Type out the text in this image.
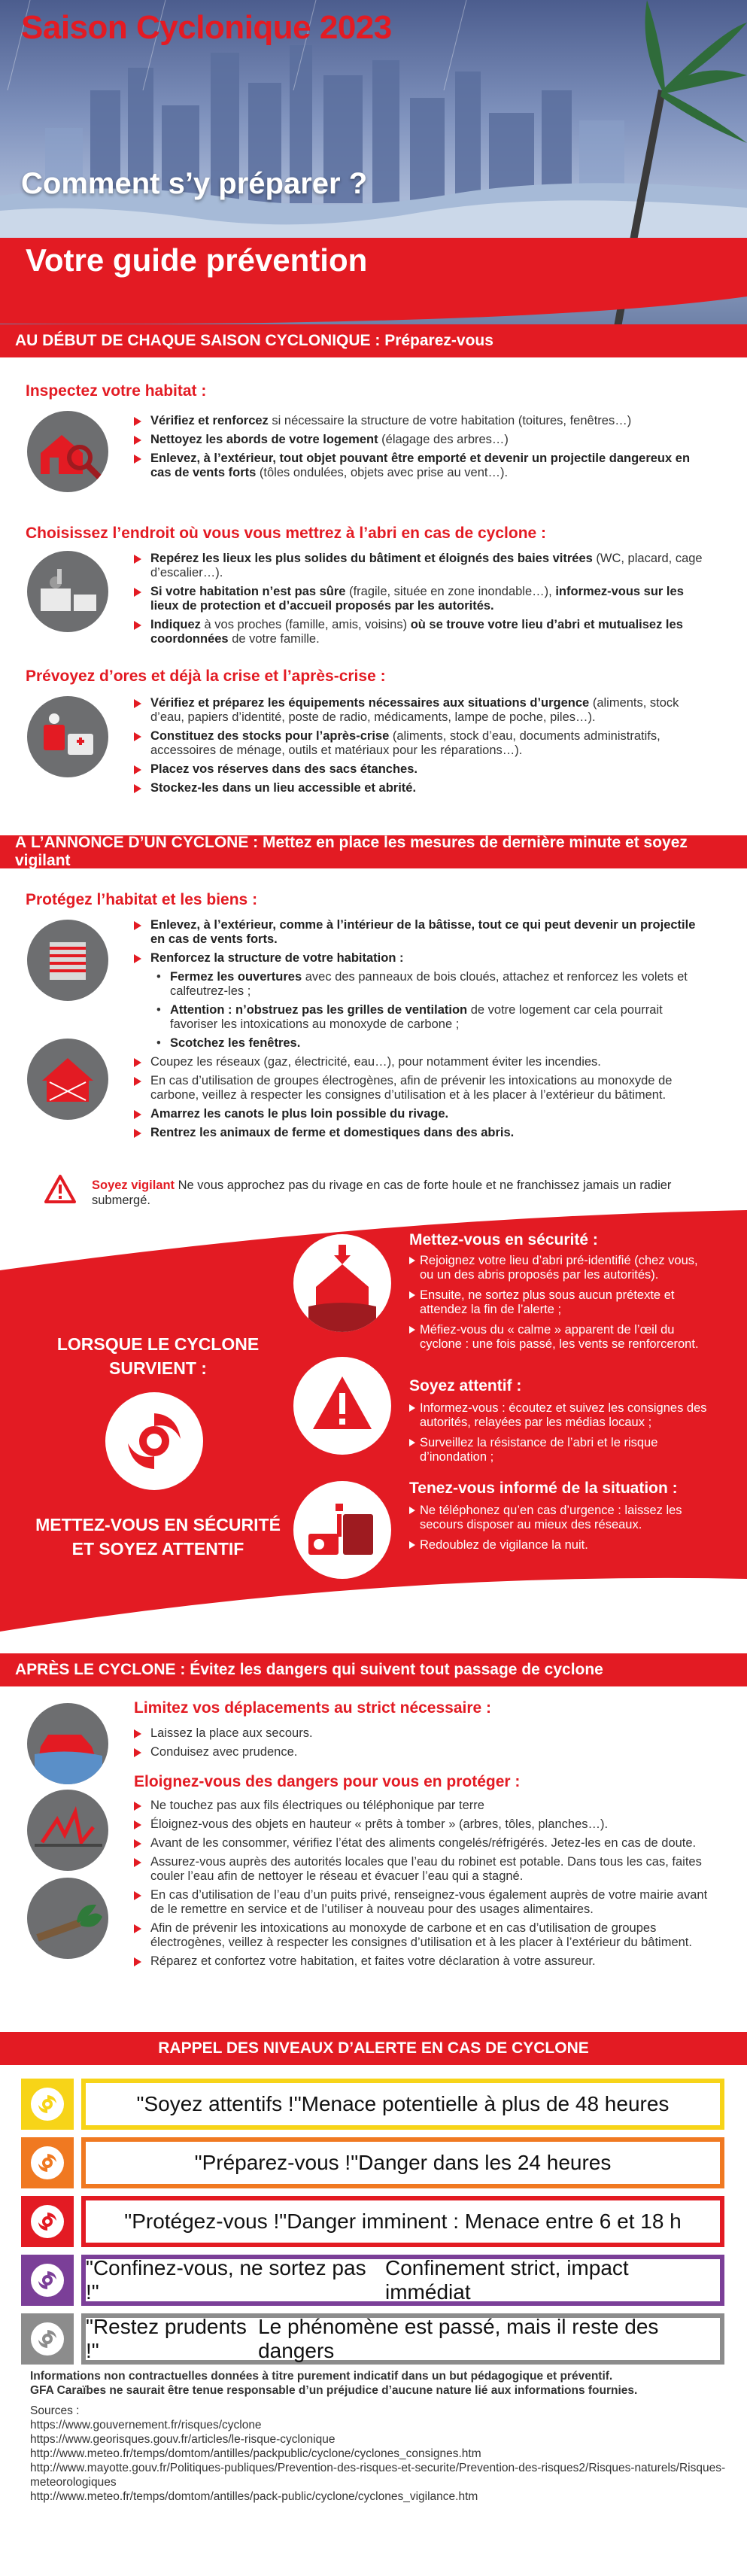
Saison Cyclonique 2023
Comment s’y préparer ?
Votre guide prévention
AU DÉBUT DE CHAQUE SAISON CYCLONIQUE : Préparez-vous
Inspectez votre habitat :
Vérifiez et renforcez si nécessaire la structure de votre habitation (toitures, fenêtres…)
Nettoyez les abords de votre logement (élagage des arbres…)
Enlevez, à l’extérieur, tout objet pouvant être emporté et devenir un projectile dangereux en cas de vents forts (tôles ondulées, objets avec prise au vent…).
Choisissez l’endroit où vous vous mettrez à l’abri en cas de cyclone :
Repérez les lieux les plus solides du bâtiment et éloignés des baies vitrées (WC, placard, cage d’escalier…).
Si votre habitation n’est pas sûre (fragile, située en zone inondable…), informez-vous sur les lieux de protection et d’accueil proposés par les autorités.
Indiquez à vos proches (famille, amis, voisins) où se trouve votre lieu d’abri et mutualisez les coordonnées de votre famille.
Prévoyez d’ores et déjà la crise et l’après-crise :
Vérifiez et préparez les équipements nécessaires aux situations d’urgence (aliments, stock d’eau, papiers d’identité, poste de radio, médicaments, lampe de poche, piles…).
Constituez des stocks pour l’après-crise (aliments, stock d’eau, documents administratifs, accessoires de ménage, outils et matériaux pour les réparations…).
Placez vos réserves dans des sacs étanches.
Stockez-les dans un lieu accessible et abrité.
À L’ANNONCE D’UN CYCLONE : Mettez en place les mesures de dernière minute et soyez vigilant
Protégez l’habitat et les biens :
Enlevez, à l’extérieur, comme à l’intérieur de la bâtisse, tout ce qui peut devenir un projectile en cas de vents forts.
Renforcez la structure de votre habitation :
• Fermez les ouvertures avec des panneaux de bois cloués, attachez et renforcez les volets et calfeutrez-les ;
• Attention : n’obstruez pas les grilles de ventilation de votre logement car cela pourrait favoriser les intoxications au monoxyde de carbone ;
• Scotchez les fenêtres.
Coupez les réseaux (gaz, électricité, eau…), pour notamment éviter les incendies.
En cas d’utilisation de groupes électrogènes, afin de prévenir les intoxications au monoxyde de carbone, veillez à respecter les consignes d’utilisation et à les placer à l’extérieur du bâtiment.
Amarrez les canots le plus loin possible du rivage.
Rentrez les animaux de ferme et domestiques dans des abris.
Soyez vigilant Ne vous approchez pas du rivage en cas de forte houle et ne franchissez jamais un radier submergé.
LORSQUE LE CYCLONE SURVIENT :
METTEZ-VOUS EN SÉCURITÉ ET SOYEZ ATTENTIF
Mettez-vous en sécurité :
Rejoignez votre lieu d’abri pré-identifié (chez vous, ou un des abris proposés par les autorités).
Ensuite, ne sortez plus sous aucun prétexte et attendez la fin de l’alerte ;
Méfiez-vous du « calme » apparent de l’œil du cyclone : une fois passé, les vents se renforceront.
Soyez attentif :
Informez-vous : écoutez et suivez les consignes des autorités, relayées par les médias locaux ;
Surveillez la résistance de l’abri et le risque d’inondation ;
Tenez-vous informé de la situation :
Ne téléphonez qu’en cas d’urgence : laissez les secours disposer au mieux des réseaux.
Redoublez de vigilance la nuit.
APRÈS LE CYCLONE : Évitez les dangers qui suivent tout passage de cyclone
Limitez vos déplacements au strict nécessaire :
Laissez la place aux secours.
Conduisez avec prudence.
Eloignez-vous des dangers pour vous en protéger :
Ne touchez pas aux fils électriques ou téléphonique par terre
Éloignez-vous des objets en hauteur « prêts à tomber » (arbres, tôles, planches…).
Avant de les consommer, vérifiez l’état des aliments congelés/réfrigérés. Jetez-les en cas de doute.
Assurez-vous auprès des autorités locales que l’eau du robinet est potable. Dans tous les cas, faites couler l’eau afin de nettoyer le réseau et évacuer l’eau qui a stagné.
En cas d’utilisation de l’eau d’un puits privé, renseignez-vous également auprès de votre mairie avant de le remettre en service et de l’utiliser à nouveau pour des usages alimentaires.
Afin de prévenir les intoxications au monoxyde de carbone et en cas d’utilisation de groupes électrogènes, veillez à respecter les consignes d’utilisation et à les placer à l’extérieur du bâtiment.
Réparez et confortez votre habitation, et faites votre déclaration à votre assureur.
RAPPEL DES NIVEAUX D’ALERTE EN CAS DE CYCLONE
"Soyez attentifs !" Menace potentielle à plus de 48 heures
"Préparez-vous !" Danger dans les 24 heures
"Protégez-vous !" Danger imminent : Menace entre 6 et 18 h
"Confinez-vous, ne sortez pas !"
Confinement strict, impact immédiat
"Restez prudents !"
Le phénomène est passé, mais il reste des dangers
Informations non contractuelles données à titre purement indicatif dans un but pédagogique et préventif.
GFA Caraïbes ne saurait être tenue responsable d’un préjudice d’aucune nature lié aux informations fournies.
Sources :
https://www.gouvernement.fr/risques/cyclone
https://www.georisques.gouv.fr/articles/le-risque-cyclonique
http://www.meteo.fr/temps/domtom/antilles/packpublic/cyclone/cyclones_consignes.htm
http://www.mayotte.gouv.fr/Politiques-publiques/Prevention-des-risques-et-securite/Prevention-des-risques2/Risques-naturels/Risques-meteorologiques
http://www.meteo.fr/temps/domtom/antilles/pack-public/cyclone/cyclones_vigilance.htm
